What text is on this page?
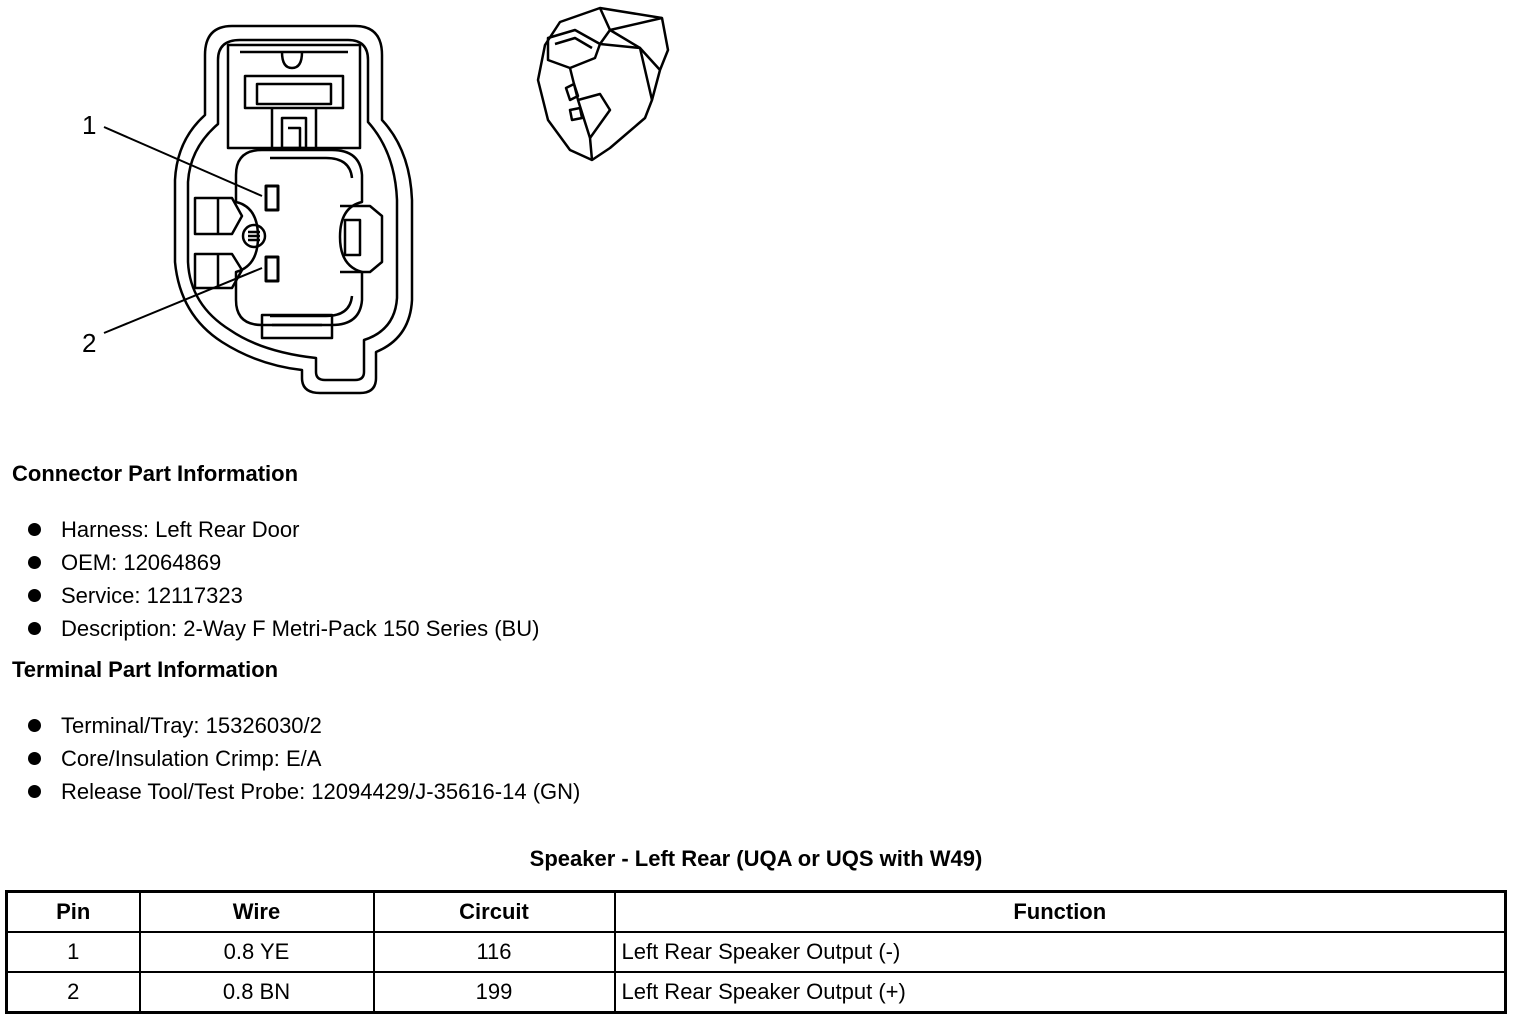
1
2
Connector Part Information
Harness: Left Rear Door
OEM: 12064869
Service: 12117323
Description: 2-Way F Metri-Pack 150 Series (BU)
Terminal Part Information
Terminal/Tray: 15326030/2
Core/Insulation Crimp: E/A
Release Tool/Test Probe: 12094429/J-35616-14 (GN)
Speaker - Left Rear (UQA or UQS with W49)
Pin	Wire	Circuit	Function
1	0.8 YE	116	Left Rear Speaker Output (-)
2	0.8 BN	199	Left Rear Speaker Output (+)
